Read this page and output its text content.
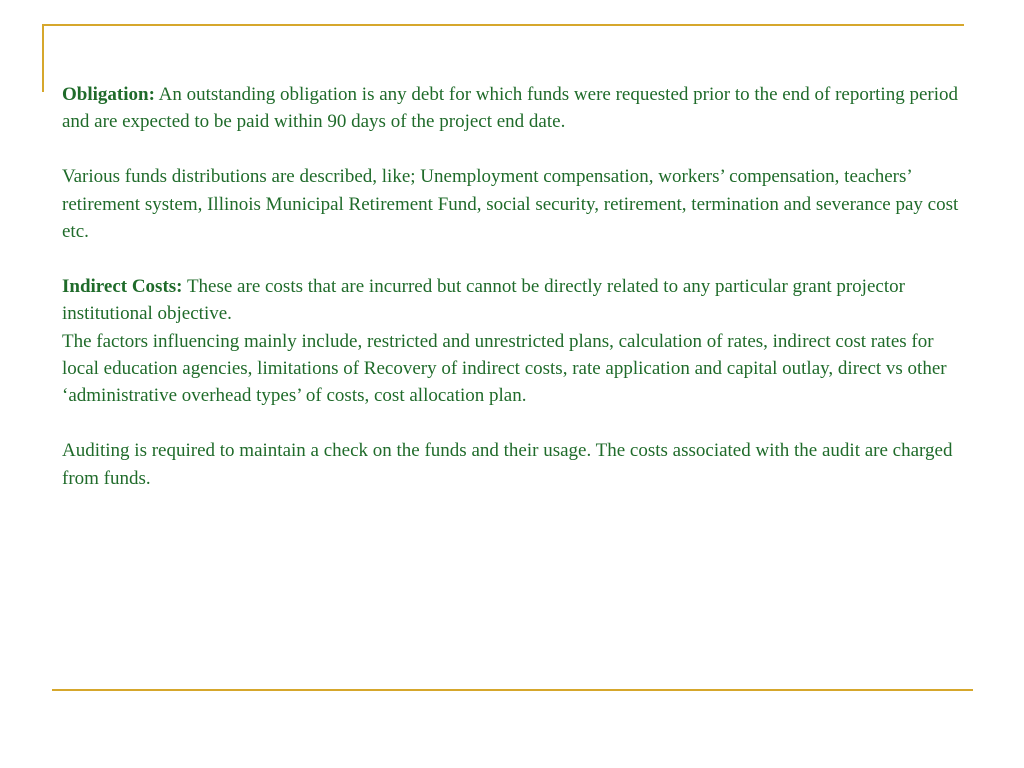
Obligation: An outstanding obligation is any debt for which funds were requested prior to the end of reporting period and are expected to be paid within 90 days of the project end date.

Various funds distributions are described, like; Unemployment compensation, workers’ compensation, teachers’ retirement system, Illinois Municipal Retirement Fund, social security, retirement, termination and severance pay cost etc.

Indirect Costs: These are costs that are incurred but cannot be directly related to any particular grant projector institutional objective.

The factors influencing mainly include, restricted and unrestricted plans, calculation of rates, indirect cost rates for local education agencies, limitations of Recovery of indirect costs, rate application and capital outlay, direct vs other ‘administrative overhead types’ of costs, cost allocation plan.

Auditing is required to maintain a check on the funds and their usage. The costs associated with the audit are charged from funds.
